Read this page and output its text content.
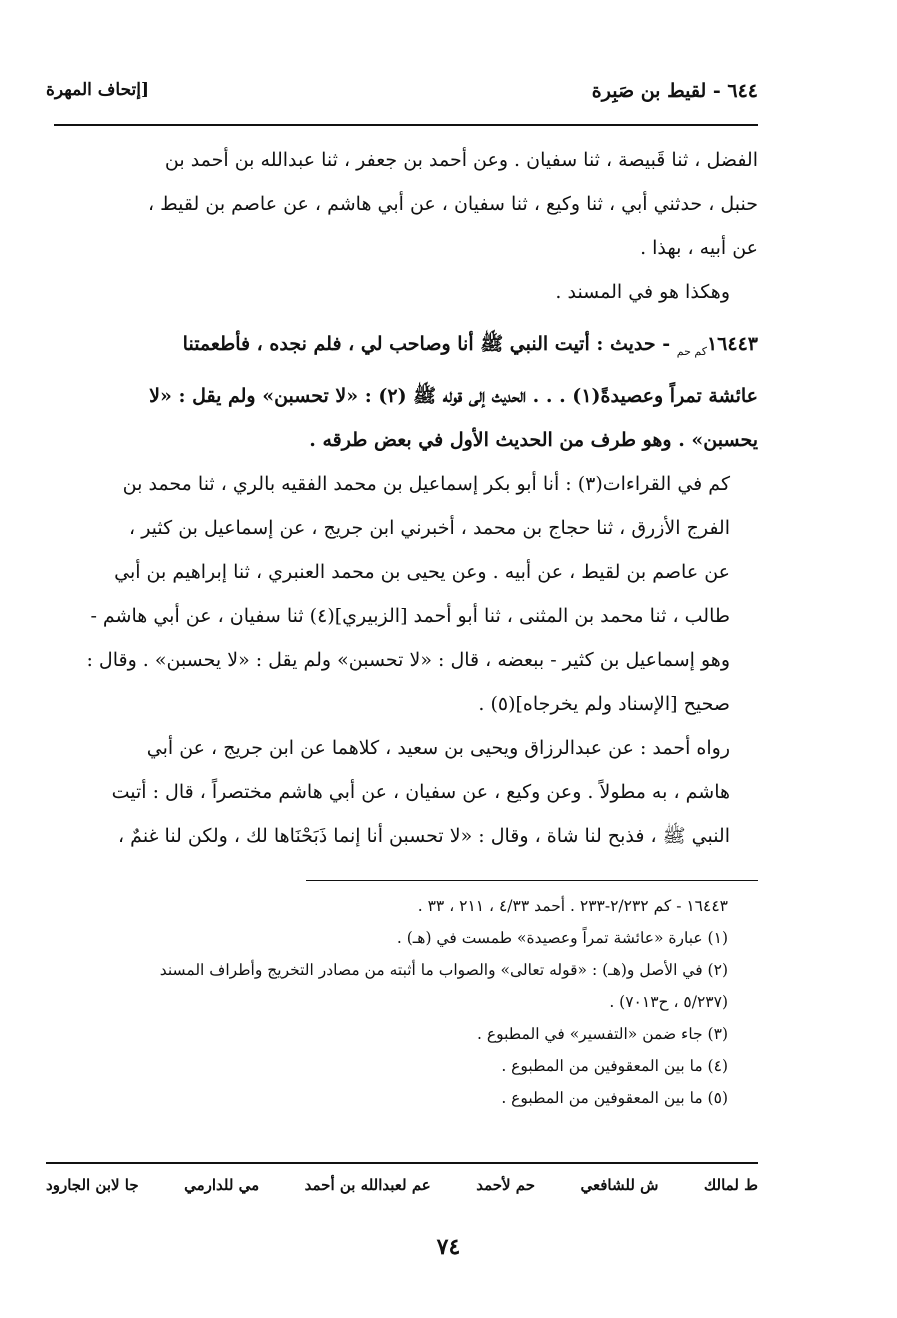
٦٤٤ - لقيط بن صَبِرة
[إتحاف المهرة

الفضل ، ثنا قَبيصة ، ثنا سفيان . وعن أحمد بن جعفر ، ثنا عبدالله بن أحمد بن
حنبل ، حدثني أبي ، ثنا وكيع ، ثنا سفيان ، عن أبي هاشم ، عن عاصم بن لقيط ،
عن أبيه ، بهذا .

وهكذا هو في المسند .

$١٦٤٤٣_{كم حم}$ - حديث : أتيت النبي ﷺ أنا وصاحب لي ، فلم نجده ، فأطعمتنا
عائشة تمراً وعصيدةً(١) . . . الحديث إلى قوله ﷺ (٢) : «لا تحسبن» ولم يقل : «لا
يحسبن» . وهو طرف من الحديث الأول في بعض طرقه .

كم في القراءات(٣) : أنا أبو بكر إسماعيل بن محمد الفقيه بالري ، ثنا محمد بن
الفرج الأزرق ، ثنا حجاج بن محمد ، أخبرني ابن جريج ، عن إسماعيل بن كثير ،
عن عاصم بن لقيط ، عن أبيه . وعن يحيى بن محمد العنبري ، ثنا إبراهيم بن أبي
طالب ، ثنا محمد بن المثنى ، ثنا أبو أحمد [الزبيري](٤) ثنا سفيان ، عن أبي هاشم -
وهو إسماعيل بن كثير - ببعضه ، قال : «لا تحسبن» ولم يقل : «لا يحسبن» . وقال :
صحيح [الإسناد ولم يخرجاه](٥) .

رواه أحمد : عن عبدالرزاق ويحيى بن سعيد ، كلاهما عن ابن جريج ، عن أبي
هاشم ، به مطولاً . وعن وكيع ، عن سفيان ، عن أبي هاشم مختصراً ، قال : أتيت
النبي ﷺ ، فذبح لنا شاة ، وقال : «لا تحسبن أنا إنما ذَبَحْنَاها لك ، ولكن لنا غنمٌ ،

١٦٤٤٣ - كم ٢/٢٣٢-٢٣٣ . أحمد ٤/٣٣ ، ٢١١ ، ٣٣ .

(١) عبارة «عائشة تمراً وعصيدة» طمست في (هـ) .

(٢) في الأصل و(هـ) : «قوله تعالى» والصواب ما أثبته من مصادر التخريج وأطراف المسند

(٥/٢٣٧ ، ح٧٠١٣) .

(٣) جاء ضمن «التفسير» في المطبوع .

(٤) ما بين المعقوفين من المطبوع .

(٥) ما بين المعقوفين من المطبوع .

ط لمالك
ش للشافعي
حم لأحمد
عم لعبدالله بن أحمد
مي للدارمي
جا لابن الجارود
٧٤
